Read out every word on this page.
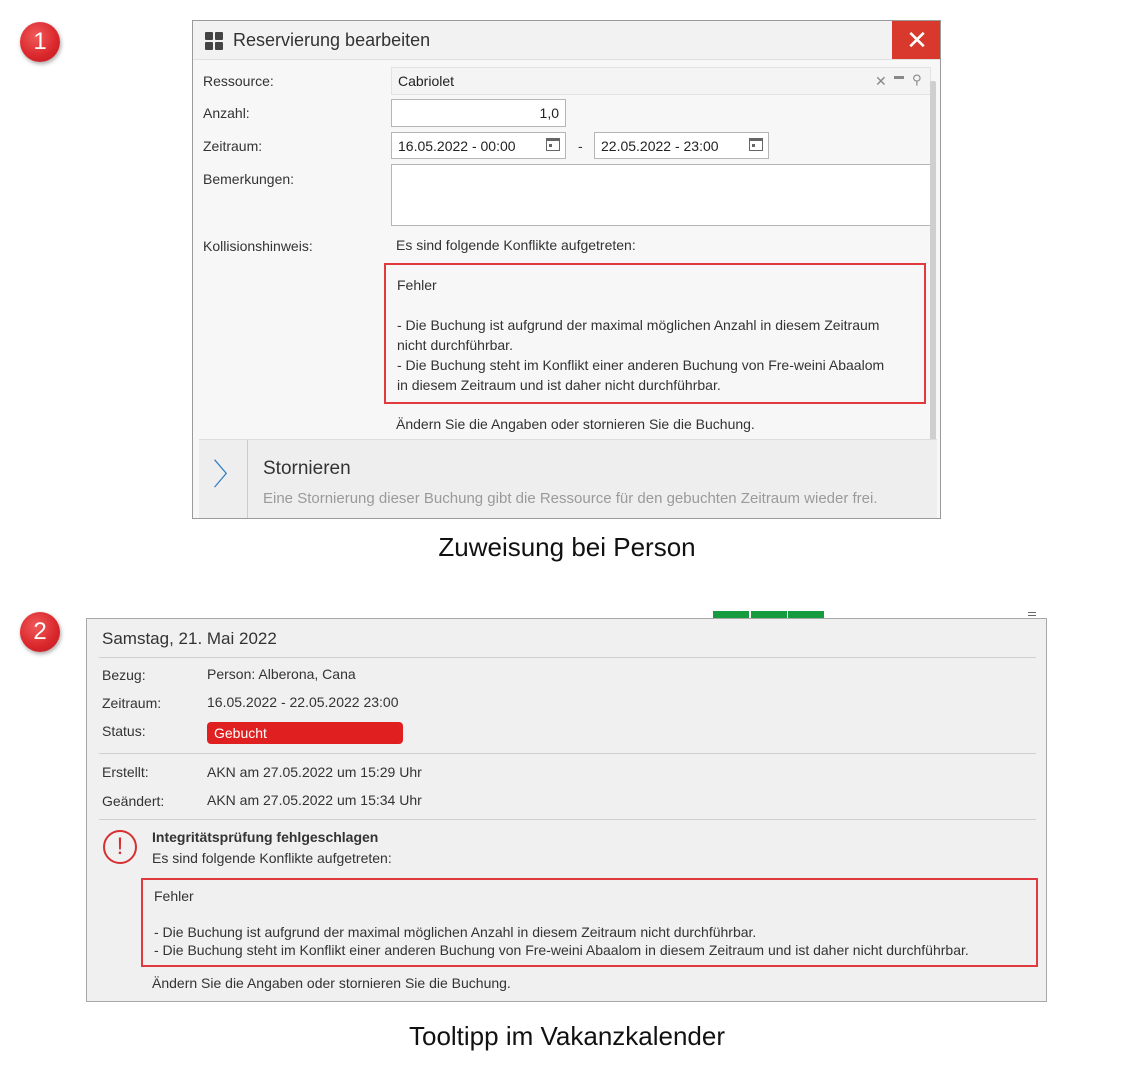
1	Reservierung bearbeiten	✕
Ressource:	Cabriolet	✕ ⚲
Anzahl:	1,0
Zeitraum:	16.05.2022 - 00:00	-	22.05.2022 - 23:00
Bemerkungen:
Kollisionshinweis:	Es sind folgende Konflikte aufgetreten:
Fehler
- Die Buchung ist aufgrund der maximal möglichen Anzahl in diesem Zeitraum
nicht durchführbar.
- Die Buchung steht im Konflikt einer anderen Buchung von Fre-weini Abaalom
in diesem Zeitraum und ist daher nicht durchführbar.
Ändern Sie die Angaben oder stornieren Sie die Buchung.
〉 Stornieren
Eine Stornierung dieser Buchung gibt die Ressource für den gebuchten Zeitraum wieder frei.
Zuweisung bei Person
2	Samstag, 21. Mai 2022
Bezug:	Person: Alberona, Cana
Zeitraum:	16.05.2022 - 22.05.2022 23:00
Status:	Gebucht
Erstellt:	AKN am 27.05.2022 um 15:29 Uhr
Geändert:	AKN am 27.05.2022 um 15:34 Uhr
!	Integritätsprüfung fehlgeschlagen
Es sind folgende Konflikte aufgetreten:
Fehler
- Die Buchung ist aufgrund der maximal möglichen Anzahl in diesem Zeitraum nicht durchführbar.
- Die Buchung steht im Konflikt einer anderen Buchung von Fre-weini Abaalom in diesem Zeitraum und ist daher nicht durchführbar.
Ändern Sie die Angaben oder stornieren Sie die Buchung.
Tooltipp im Vakanzkalender
